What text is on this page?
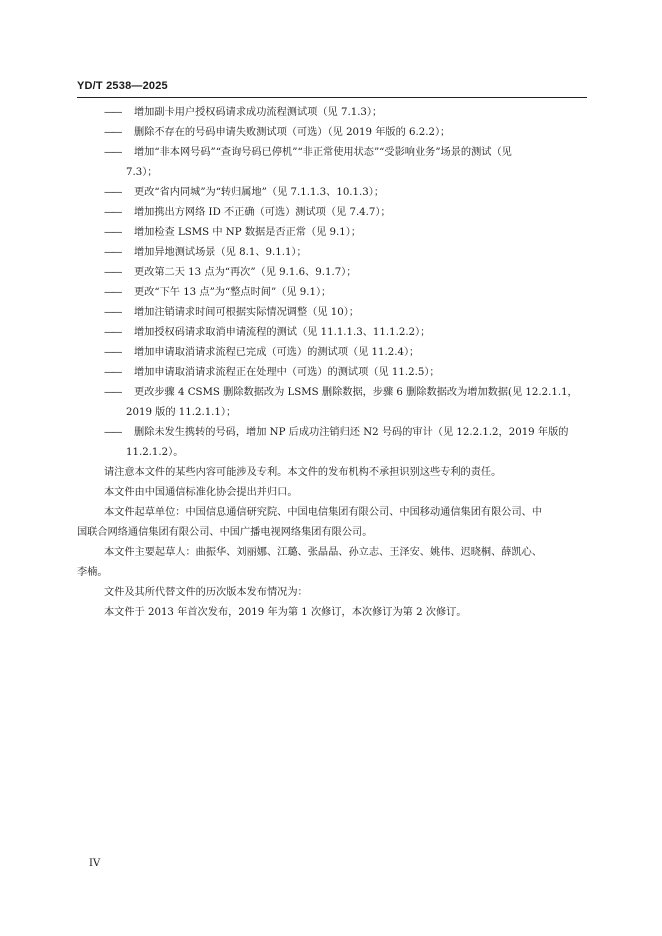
YD/T 2538—2025
——	增加副卡用户授权码请求成功流程测试项（见 7.1.3）；
——	删除不存在的号码申请失败测试项（可选）（见 2019 年版的 6.2.2）；
——	增加“非本网号码”“查询号码已停机”“非正常使用状态”“受影响业务”场景的测试（见
7.3）；
——	更改“省内同城”为“转归属地”（见 7.1.1.3、10.1.3）；
——	增加携出方网络 ID 不正确（可选）测试项（见 7.4.7）；
——	增加检查 LSMS 中 NP 数据是否正常（见 9.1）；
——	增加异地测试场景（见 8.1、9.1.1）；
——	更改第二天 13 点为“再次”（见 9.1.6、9.1.7）；
——	更改“下午 13 点”为“整点时间”（见 9.1）；
——	增加注销请求时间可根据实际情况调整（见 10）；
——	增加授权码请求取消申请流程的测试（见 11.1.1.3、11.1.2.2）；
——	增加申请取消请求流程已完成（可选）的测试项（见 11.2.4）；
——	增加申请取消请求流程正在处理中（可选）的测试项（见 11.2.5）；
——	更改步骤 4 CSMS 删除数据改为 LSMS 删除数据，步骤 6 删除数据改为增加数据(见 12.2.1.1，
2019 版的 11.2.1.1）；
——	删除未发生携转的号码，增加 NP 后成功注销归还 N2 号码的审计（见 12.2.1.2，2019 年版的
11.2.1.2）。
请注意本文件的某些内容可能涉及专利。本文件的发布机构不承担识别这些专利的责任。
本文件由中国通信标准化协会提出并归口。
本文件起草单位：中国信息通信研究院、中国电信集团有限公司、中国移动通信集团有限公司、中
国联合网络通信集团有限公司、中国广播电视网络集团有限公司。
本文件主要起草人：曲振华、刘丽娜、江璐、张晶晶、孙立志、王泽安、姚伟、迟晓桐、薛凯心、
李楠。
文件及其所代替文件的历次版本发布情况为：
本文件于 2013 年首次发布，2019 年为第 1 次修订，本次修订为第 2 次修订。
IV
